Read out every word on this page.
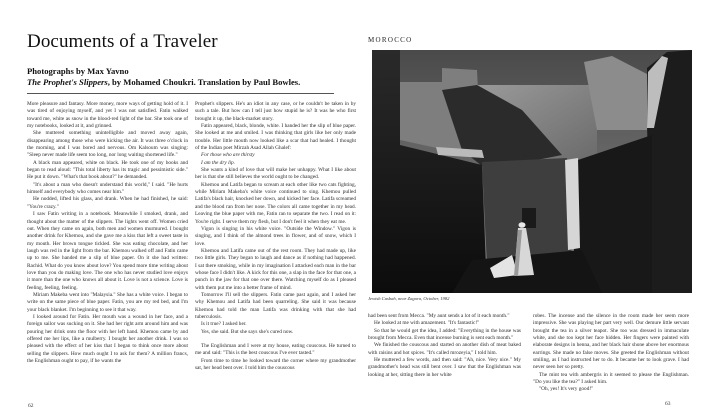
Documents of a Traveler
Photographs by Max Yavno
The Prophet's Slippers, by Mohamed Choukri. Translation by Paul Bowles.

More pleasure and fantasy. More money, more ways of getting hold of it. I was tired of enjoying myself, and yet I was not satisfied. Fatin walked toward me, white as snow in the blood-red light of the bar. She took one of my notebooks, looked at it, and grinned.

She muttered something unintelligible and moved away again, disappearing among those who were kicking the air. It was three o'clock in the morning, and I was bored and nervous. Om Kalsoum was singing: "Sleep never made life seem too long, nor long waiting shortened life."

A black man appeared, white on black. He took one of my books and began to read aloud: "This total liberty has its tragic and pessimistic side." He put it down. "What's that book about?" he demanded.

"It's about a man who doesn't understand this world," I said. "He hurts himself and everybody who comes near him."

He nodded, lifted his glass, and drank. When he had finished, he said: "You're crazy."

I saw Fatin writing in a notebook. Meanwhile I smoked, drank, and thought about the matter of the slippers. The lights went off. Women cried out. When they came on again, both men and women murmured. I bought another drink for Khemou, and she gave me a kiss that left a sweet taste in my mouth. Her brown tongue tickled. She was eating chocolate, and her laugh was red in the light from the bar. Khemou walked off and Fatin came up to me. She handed me a slip of blue paper. On it she had written: Rachid. What do you know about love? You spend more time writing about love than you do making love. The one who has never studied love enjoys it more than the one who knows all about it. Love is not a science. Love is feeling, feeling, feeling.

Miriam Makeba went into "Malaysia." She has a white voice. I began to write on the same piece of blue paper. Fatin, you are my red bed, and I'm your black blanket. I'm beginning to see it that way.

I looked around for Fatin. Her mouth was a wound in her face, and a foreign sailor was sucking on it. She had her right arm around him and was pouring her drink onto the floor with her left hand. Khemou came by and offered me her lips, like a mulberry. I bought her another drink. I was so pleased with the effect of her kiss that I began to think once more about selling the slippers. How much ought I to ask for them? A million francs, the Englishman ought to pay, if he wants the

Prophet's slippers. He's an idiot in any case, or he couldn't be taken in by such a tale. But how can I tell just how stupid he is? It was he who first brought it up, the black-market story.

Fatin appeared, black, blonde, white. I handed her the slip of blue paper. She looked at me and smiled. I was thinking that girls like her only made trouble. Her little mouth now looked like a scar that had healed. I thought of the Indian poet Mirzah Asad Allah Ghalef:

For those who are thirsty

I am the dry lip.

She wants a kind of love that will make her unhappy. What I like about her is that she still believes the world ought to be changed.

Khemou and Latifa began to scream at each other like two cats fighting, while Miriam Makeba's white voice continued to sing. Khemou pulled Latifa's black hair, knocked her down, and kicked her face. Latifa screamed and the blood ran from her nose. The colors all came together in my head. Leaving the blue paper with me, Fatin ran to separate the two. I read on it: You're right. I serve them my flesh, but I don't feel it when they eat me.

Vigon is singing in his white voice. "Outside the Window." Vigon is singing, and I think of the almond trees in flower, and of snow, which I love.

Khemou and Latifa came out of the rest room. They had made up, like two little girls. They began to laugh and dance as if nothing had happened. I sat there smoking, while in my imagination I attacked each man in the bar whose face I didn't like. A kick for this one, a slap in the face for that one, a punch in the jaw for that one over there. Watching myself do as I pleased with them put me into a better frame of mind.

Tomorrow I'll sell the slippers. Fatin came past again, and I asked her why Khemou and Latifa had been quarreling. She said it was because Khemou had told the man Latifa was drinking with that she had tuberculosis.

Is it true? I asked her.

Yes, she said. But she says she's cured now.

The Englishman and I were at my house, eating couscous. He turned to me and said: "This is the best couscous I've ever tasted."

From time to time he looked toward the corner where my grandmother sat, her head bent over. I told him the couscous

62
MOROCCO
Jewish Casbah, near Zagora, October, 1982

had been sent from Mecca. "My aunt sends a lot of it each month."

He looked at me with amazement. "It's fantastic!"

So that he would get the idea, I added: "Everything in the house was brought from Mecca. Even that incense burning is sent each month."

We finished the couscous and started on another dish of meat baked with raisins and hot spices. "It's called mrozeyia," I told him.

He muttered a few words, and then said: "Ah, nice. Very nice." My grandmother's head was still bent over. I saw that the Englishman was looking at her, sitting there in her white

robes. The incense and the silence in the room made her seem more impressive. She was playing her part very well. Our demure little servant brought the tea in a silver teapot. She too was dressed in immaculate white, and she too kept her face hidden. Her fingers were painted with elaborate designs in henna, and her black hair shone above her enormous earrings. She made no false moves. She greeted the Englishman without smiling, as I had instructed her to do. It became her to look grave. I had never seen her so pretty.

The mint tea with ambergris in it seemed to please the Englishman. "Do you like the tea?" I asked him.

"Oh, yes! It's very good!"

63
